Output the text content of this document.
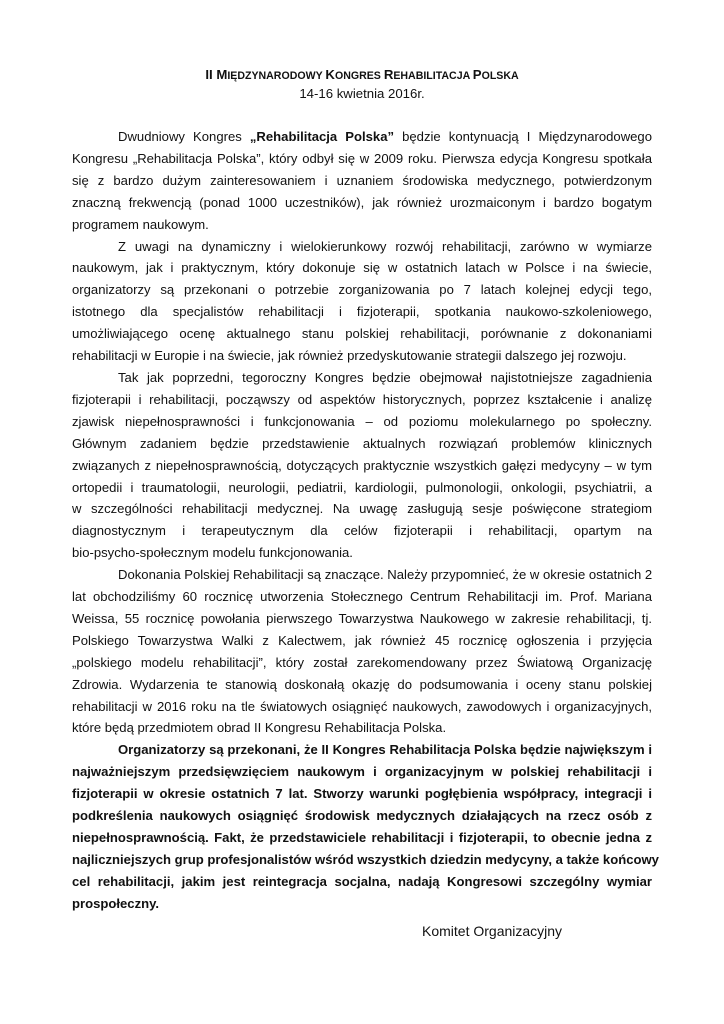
II MIĘDZYNARODOWY KONGRES REHABILITACJA POLSKA
14-16 kwietnia 2016r.

Dwudniowy Kongres „Rehabilitacja Polska” będzie kontynuacją I Międzynarodowego
Kongresu „Rehabilitacja Polska”, który odbył się w 2009 roku. Pierwsza edycja Kongresu spotkała
się z bardzo dużym zainteresowaniem i uznaniem środowiska medycznego, potwierdzonym
znaczną frekwencją (ponad 1000 uczestników), jak również urozmaiconym i bardzo bogatym
programem naukowym.

Z uwagi na dynamiczny i wielokierunkowy rozwój rehabilitacji, zarówno w wymiarze
naukowym, jak i praktycznym, który dokonuje się w ostatnich latach w Polsce i na świecie,
organizatorzy są przekonani o potrzebie zorganizowania po 7 latach kolejnej edycji tego,
istotnego dla specjalistów rehabilitacji i fizjoterapii, spotkania naukowo-szkoleniowego,
umożliwiającego ocenę aktualnego stanu polskiej rehabilitacji, porównanie z dokonaniami
rehabilitacji w Europie i na świecie, jak również przedyskutowanie strategii dalszego jej rozwoju.

Tak jak poprzedni, tegoroczny Kongres będzie obejmował najistotniejsze zagadnienia
fizjoterapii i rehabilitacji, począwszy od aspektów historycznych, poprzez kształcenie i analizę
zjawisk niepełnosprawności i funkcjonowania – od poziomu molekularnego po społeczny.
Głównym zadaniem będzie przedstawienie aktualnych rozwiązań problemów klinicznych
związanych z niepełnosprawnością, dotyczących praktycznie wszystkich gałęzi medycyny – w tym
ortopedii i traumatologii, neurologii, pediatrii, kardiologii, pulmonologii, onkologii, psychiatrii, a
w szczególności rehabilitacji medycznej. Na uwagę zasługują sesje poświęcone strategiom
diagnostycznym i terapeutycznym dla celów fizjoterapii i rehabilitacji, opartym na
bio-psycho-społecznym modelu funkcjonowania.

Dokonania Polskiej Rehabilitacji są znaczące. Należy przypomnieć, że w okresie ostatnich 2
lat obchodziliśmy 60 rocznicę utworzenia Stołecznego Centrum Rehabilitacji im. Prof. Mariana
Weissa, 55 rocznicę powołania pierwszego Towarzystwa Naukowego w zakresie rehabilitacji, tj.
Polskiego Towarzystwa Walki z Kalectwem, jak również 45 rocznicę ogłoszenia i przyjęcia
„polskiego modelu rehabilitacji”, który został zarekomendowany przez Światową Organizację
Zdrowia. Wydarzenia te stanowią doskonałą okazję do podsumowania i oceny stanu polskiej
rehabilitacji w 2016 roku na tle światowych osiągnięć naukowych, zawodowych i organizacyjnych,
które będą przedmiotem obrad II Kongresu Rehabilitacja Polska.

Organizatorzy są przekonani, że II Kongres Rehabilitacja Polska będzie największym i
najważniejszym przedsięwzięciem naukowym i organizacyjnym w polskiej rehabilitacji i
fizjoterapii w okresie ostatnich 7 lat. Stworzy warunki pogłębienia współpracy, integracji i
podkreślenia naukowych osiągnięć środowisk medycznych działających na rzecz osób z
niepełnosprawnością. Fakt, że przedstawiciele rehabilitacji i fizjoterapii, to obecnie jedna z
najliczniejszych grup profesjonalistów wśród wszystkich dziedzin medycyny, a także końcowy
cel rehabilitacji, jakim jest reintegracja socjalna, nadają Kongresowi szczególny wymiar
prospołeczny.

Komitet Organizacyjny
